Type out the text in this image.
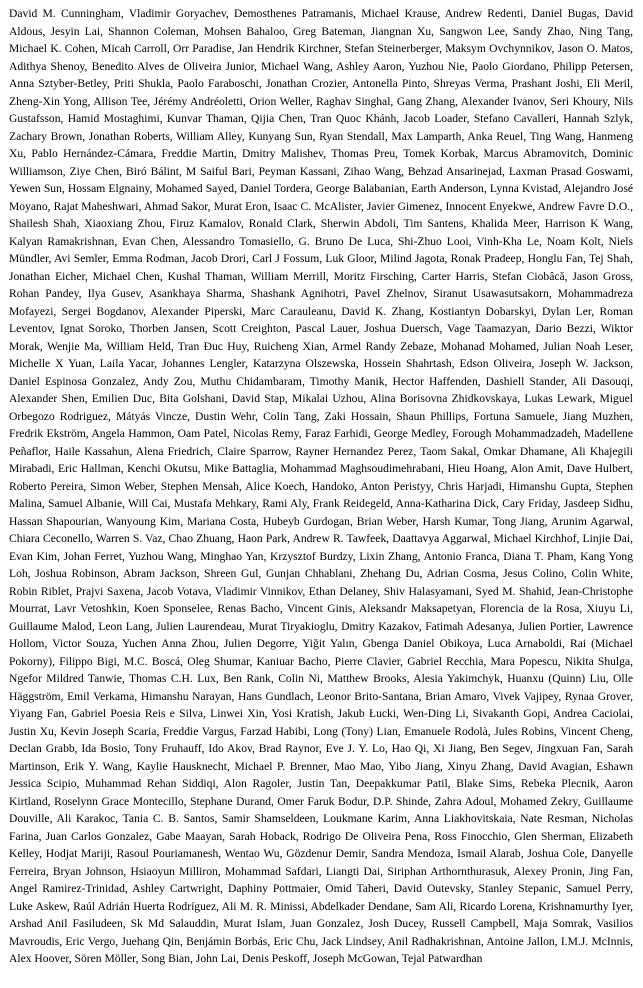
David M. Cunningham, Vladimir Goryachev, Demosthenes Patramanis, Michael Krause, Andrew Redenti, Daniel Bugas, David Aldous, Jesyin Lai, Shannon Coleman, Mohsen Bahaloo, Greg Bateman, Jiangnan Xu, Sangwon Lee, Sandy Zhao, Ning Tang, Michael K. Cohen, Micah Carroll, Orr Paradise, Jan Hendrik Kirchner, Stefan Steinerberger, Maksym Ovchynnikov, Jason O. Matos, Adithya Shenoy, Benedito Alves de Oliveira Junior, Michael Wang, Ashley Aaron, Yuzhou Nie, Paolo Giordano, Philipp Petersen, Anna Sztyber-Betley, Priti Shukla, Paolo Faraboschi, Jonathan Crozier, Antonella Pinto, Shreyas Verma, Prashant Joshi, Eli Meril, Zheng-Xin Yong, Allison Tee, Jérémy Andréoletti, Orion Weller, Raghav Singhal, Gang Zhang, Alexander Ivanov, Seri Khoury, Nils Gustafsson, Hamid Mostaghimi, Kunvar Thaman, Qijia Chen, Tran Quoc Khánh, Jacob Loader, Stefano Cavalleri, Hannah Szlyk, Zachary Brown, Jonathan Roberts, William Alley, Kunyang Sun, Ryan Stendall, Max Lamparth, Anka Reuel, Ting Wang, Hanmeng Xu, Pablo Hernández-Cámara, Freddie Martin, Dmitry Malishev, Thomas Preu, Tomek Korbak, Marcus Abramovitch, Dominic Williamson, Ziye Chen, Biró Bálint, M Saiful Bari, Peyman Kassani, Zihao Wang, Behzad Ansarinejad, Laxman Prasad Goswami, Yewen Sun, Hossam Elgnainy, Mohamed Sayed, Daniel Tordera, George Balabanian, Earth Anderson, Lynna Kvistad, Alejandro José Moyano, Rajat Maheshwari, Ahmad Sakor, Murat Eron, Isaac C. McAlister, Javier Gimenez, Innocent Enyekwe, Andrew Favre D.O., Shailesh Shah, Xiaoxiang Zhou, Firuz Kamalov, Ronald Clark, Sherwin Abdoli, Tim Santens, Khalida Meer, Harrison K Wang, Kalyan Ramakrishnan, Evan Chen, Alessandro Tomasiello, G. Bruno De Luca, Shi-Zhuo Looi, Vinh-Kha Le, Noam Kolt, Niels Mündler, Avi Semler, Emma Rodman, Jacob Drori, Carl J Fossum, Luk Gloor, Milind Jagota, Ronak Pradeep, Honglu Fan, Tej Shah, Jonathan Eicher, Michael Chen, Kushal Thaman, William Merrill, Moritz Firsching, Carter Harris, Stefan Ciobâcă, Jason Gross, Rohan Pandey, Ilya Gusev, Asankhaya Sharma, Shashank Agnihotri, Pavel Zhelnov, Siranut Usawasutsakorn, Mohammadreza Mofayezi, Sergei Bogdanov, Alexander Piperski, Marc Carauleanu, David K. Zhang, Kostiantyn Dobarskyi, Dylan Ler, Roman Leventov, Ignat Soroko, Thorben Jansen, Scott Creighton, Pascal Lauer, Joshua Duersch, Vage Taamazyan, Dario Bezzi, Wiktor Morak, Wenjie Ma, William Held, Tran Đuc Huy, Ruicheng Xian, Armel Randy Zebaze, Mohanad Mohamed, Julian Noah Leser, Michelle X Yuan, Laila Yacar, Johannes Lengler, Katarzyna Olszewska, Hossein Shahrtash, Edson Oliveira, Joseph W. Jackson, Daniel Espinosa Gonzalez, Andy Zou, Muthu Chidambaram, Timothy Manik, Hector Haffenden, Dashiell Stander, Ali Dasouqi, Alexander Shen, Emilien Duc, Bita Golshani, David Stap, Mikalai Uzhou, Alina Borisovna Zhidkovskaya, Lukas Lewark, Miguel Orbegozo Rodriguez, Mátyás Vincze, Dustin Wehr, Colin Tang, Zaki Hossain, Shaun Phillips, Fortuna Samuele, Jiang Muzhen, Fredrik Ekström, Angela Hammon, Oam Patel, Nicolas Remy, Faraz Farhidi, George Medley, Forough Mohammadzadeh, Madellene Peñaflor, Haile Kassahun, Alena Friedrich, Claire Sparrow, Rayner Hernandez Perez, Taom Sakal, Omkar Dhamane, Ali Khajegili Mirabadi, Eric Hallman, Kenchi Okutsu, Mike Battaglia, Mohammad Maghsoudimehrabani, Hieu Hoang, Alon Amit, Dave Hulbert, Roberto Pereira, Simon Weber, Stephen Mensah, Alice Koech, Handoko, Anton Peristyy, Chris Harjadi, Himanshu Gupta, Stephen Malina, Samuel Albanie, Will Cai, Mustafa Mehkary, Rami Aly, Frank Reidegeld, Anna-Katharina Dick, Cary Friday, Jasdeep Sidhu, Hassan Shapourian, Wanyoung Kim, Mariana Costa, Hubeyb Gurdogan, Brian Weber, Harsh Kumar, Tong Jiang, Arunim Agarwal, Chiara Ceconello, Warren S. Vaz, Chao Zhuang, Haon Park, Andrew R. Tawfeek, Daattavya Aggarwal, Michael Kirchhof, Linjie Dai, Evan Kim, Johan Ferret, Yuzhou Wang, Minghao Yan, Krzysztof Burdzy, Lixin Zhang, Antonio Franca, Diana T. Pham, Kang Yong Loh, Joshua Robinson, Abram Jackson, Shreen Gul, Gunjan Chhablani, Zhehang Du, Adrian Cosma, Jesus Colino, Colin White, Robin Riblet, Prajvi Saxena, Jacob Votava, Vladimir Vinnikov, Ethan Delaney, Shiv Halasyamani, Syed M. Shahid, Jean-Christophe Mourrat, Lavr Vetoshkin, Koen Sponselee, Renas Bacho, Vincent Ginis, Aleksandr Maksapetyan, Florencia de la Rosa, Xiuyu Li, Guillaume Malod, Leon Lang, Julien Laurendeau, Murat Tiryakioglu, Dmitry Kazakov, Fatimah Adesanya, Julien Portier, Lawrence Hollom, Victor Souza, Yuchen Anna Zhou, Julien Degorre, Yiğit Yalın, Gbenga Daniel Obikoya, Luca Arnaboldi, Rai (Michael Pokorny), Filippo Bigi, M.C. Boscá, Oleg Shumar, Kaniuar Bacho, Pierre Clavier, Gabriel Recchia, Mara Popescu, Nikita Shulga, Ngefor Mildred Tanwie, Thomas C.H. Lux, Ben Rank, Colin Ni, Matthew Brooks, Alesia Yakimchyk, Huanxu (Quinn) Liu, Olle Häggström, Emil Verkama, Himanshu Narayan, Hans Gundlach, Leonor Brito-Santana, Brian Amaro, Vivek Vajipey, Rynaa Grover, Yiyang Fan, Gabriel Poesia Reis e Silva, Linwei Xin, Yosi Kratish, Jakub Łucki, Wen-Ding Li, Sivakanth Gopi, Andrea Caciolai, Justin Xu, Kevin Joseph Scaria, Freddie Vargus, Farzad Habibi, Long (Tony) Lian, Emanuele Rodolà, Jules Robins, Vincent Cheng, Declan Grabb, Ida Bosio, Tony Fruhauff, Ido Akov, Brad Raynor, Eve J. Y. Lo, Hao Qi, Xi Jiang, Ben Segev, Jingxuan Fan, Sarah Martinson, Erik Y. Wang, Kaylie Hausknecht, Michael P. Brenner, Mao Mao, Yibo Jiang, Xinyu Zhang, David Avagian, Eshawn Jessica Scipio, Muhammad Rehan Siddiqi, Alon Ragoler, Justin Tan, Deepakkumar Patil, Blake Sims, Rebeka Plecnik, Aaron Kirtland, Roselynn Grace Montecillo, Stephane Durand, Omer Faruk Bodur, D.P. Shinde, Zahra Adoul, Mohamed Zekry, Guillaume Douville, Ali Karakoc, Tania C. B. Santos, Samir Shamseldeen, Loukmane Karim, Anna Liakhovitskaia, Nate Resman, Nicholas Farina, Juan Carlos Gonzalez, Gabe Maayan, Sarah Hoback, Rodrigo De Oliveira Pena, Ross Finocchio, Glen Sherman, Elizabeth Kelley, Hodjat Mariji, Rasoul Pouriamanesh, Wentao Wu, Gözdenur Demir, Sandra Mendoza, Ismail Alarab, Joshua Cole, Danyelle Ferreira, Bryan Johnson, Hsiaoyun Milliron, Mohammad Safdari, Liangti Dai, Siriphan Arthornthurasuk, Alexey Pronin, Jing Fan, Angel Ramirez-Trinidad, Ashley Cartwright, Daphiny Pottmaier, Omid Taheri, David Outevsky, Stanley Stepanic, Samuel Perry, Luke Askew, Raúl Adrián Huerta Rodríguez, Ali M. R. Minissi, Abdelkader Dendane, Sam Ali, Ricardo Lorena, Krishnamurthy Iyer, Arshad Anil Fasiludeen, Sk Md Salauddin, Murat Islam, Juan Gonzalez, Josh Ducey, Russell Campbell, Maja Somrak, Vasilios Mavroudis, Eric Vergo, Juehang Qin, Benjámin Borbás, Eric Chu, Jack Lindsey, Anil Radhakrishnan, Antoine Jallon, I.M.J. McInnis, Alex Hoover, Sören Möller, Song Bian, John Lai, Denis Peskoff, Joseph McGowan, Tejal Patwardhan
